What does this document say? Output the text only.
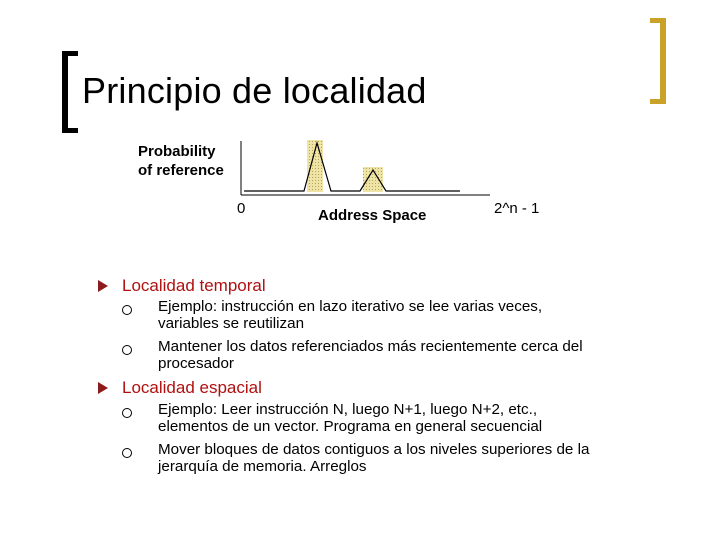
Principio de localidad
Probability
of reference
0	Address Space	2^n - 1
Localidad temporal
Ejemplo: instrucción en lazo iterativo se lee varias veces,
variables se reutilizan
Mantener los datos referenciados más recientemente cerca del
procesador
Localidad espacial
Ejemplo: Leer instrucción N, luego N+1, luego N+2, etc.,
elementos de un vector. Programa en general secuencial
Mover bloques de datos contiguos a los niveles superiores de la
jerarquía de memoria. Arreglos
